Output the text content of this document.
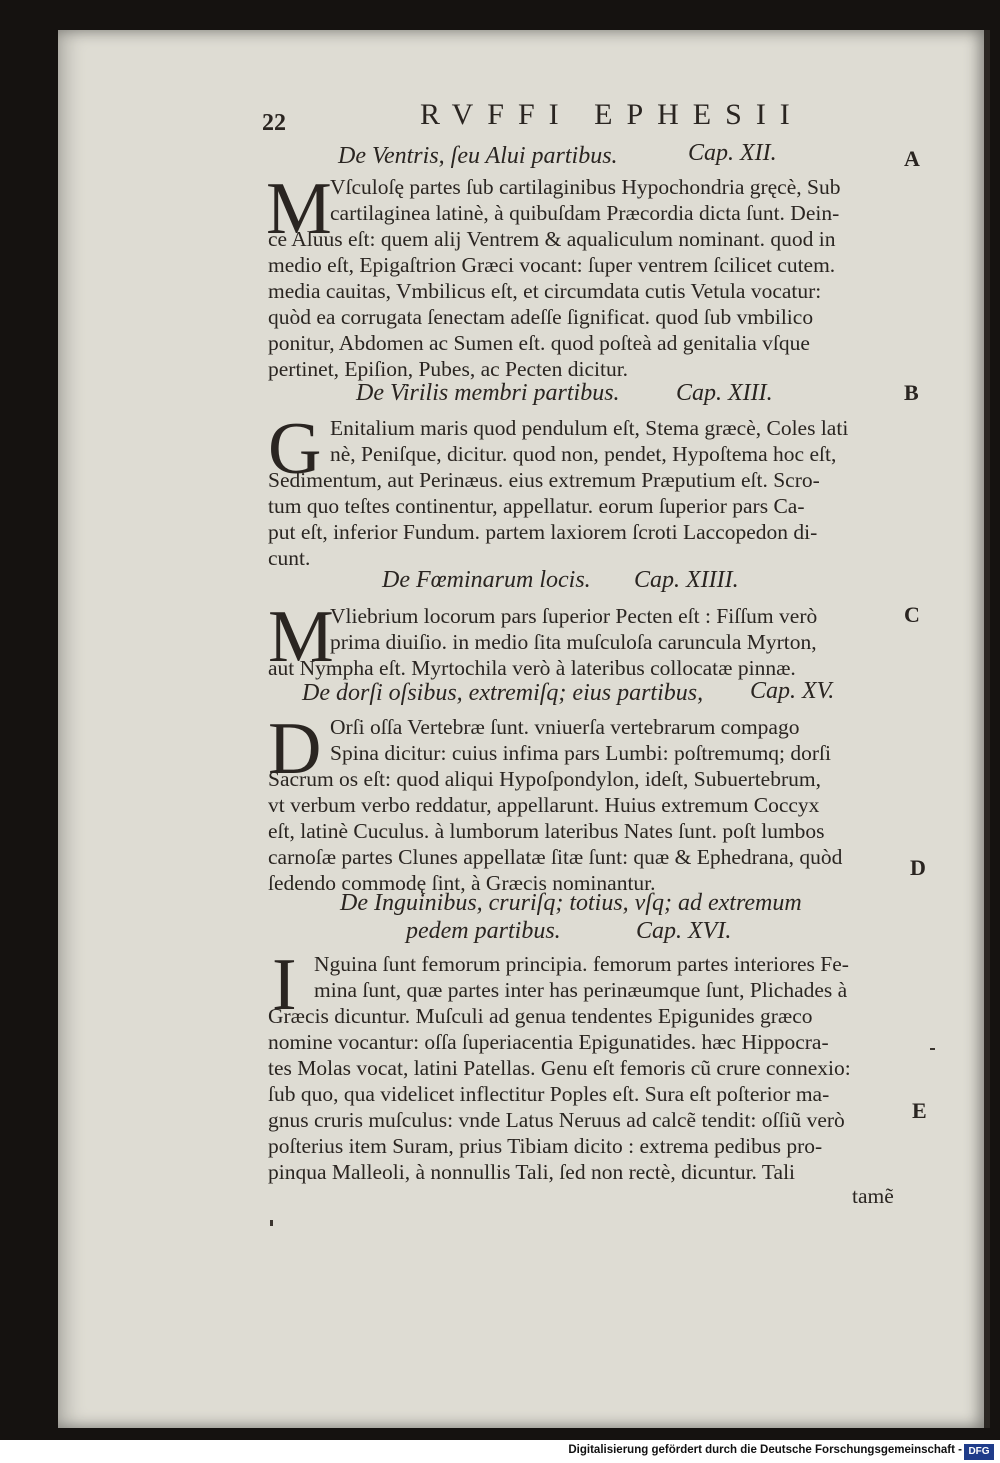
22	RVFFI EPHESII
A
B
C
D
E
De Ventris, ſeu Alui partibus.	Cap. XII.
M
Vſculoſę partes ſub cartilaginibus Hypochondria gręcè, Sub
cartilaginea latinè, à quibuſdam Præcordia dicta ſunt. Dein-
ce Aluus eſt: quem alij Ventrem & aqualiculum nominant. quod in
medio eſt, Epigaſtrion Græci vocant: ſuper ventrem ſcilicet cutem.
media cauitas, Vmbilicus eſt, et circumdata cutis Vetula vocatur:
quòd ea corrugata ſenectam adeſſe ſignificat. quod ſub vmbilico
ponitur, Abdomen ac Sumen eſt. quod poſteà ad genitalia vſque
pertinet, Epiſion, Pubes, ac Pecten dicitur.
De Virilis membri partibus. Cap. XIII.
G Enitalium maris quod pendulum eſt, Stema græcè, Coles lati
nè, Peniſque, dicitur. quod non, pendet, Hypoſtema hoc eſt,
Sedimentum, aut Perinæus. eius extremum Præputium eſt. Scro-
tum quo teſtes continentur, appellatur. eorum ſuperior pars Ca-
put eſt, inferior Fundum. partem laxiorem ſcroti Laccopedon di-
cunt.
De Fœminarum locis. Cap. XIIII.
M
Vliebrium locorum pars ſuperior Pecten eſt : Fiſſum verò
prima diuiſio. in medio ſita muſculoſa caruncula Myrton,
aut Nympha eſt. Myrtochila verò à lateribus collocatæ pinnæ.
De dorſi oſsibus, extremiſq; eius partibus, Cap. XV.
D Orſi oſſa Vertebræ ſunt. vniuerſa vertebrarum compago
Spina dicitur: cuius infima pars Lumbi: poſtremumq; dorſi
Sacrum os eſt: quod aliqui Hypoſpondylon, ideſt, Subuertebrum,
vt verbum verbo reddatur, appellarunt. Huius extremum Coccyx
eſt, latinè Cuculus. à lumborum lateribus Nates ſunt. poſt lumbos
carnoſæ partes Clunes appellatæ ſitæ ſunt: quæ & Ephedrana, quòd
ſedendo commodę ſint, à Græcis nominantur.
De Inguinibus, cruriſq; totius, vſq; ad extremum
pedem partibus.	Cap. XVI.
I Nguina ſunt femorum principia. femorum partes interiores Fe-
mina ſunt, quæ partes inter has perinæumque ſunt, Plichades à
Græcis dicuntur. Muſculi ad genua tendentes Epigunides græco
nomine vocantur: oſſa ſuperiacentia Epigunatides. hæc Hippocra-
tes Molas vocat, latini Patellas. Genu eſt femoris cũ crure connexio:
ſub quo, qua videlicet inflectitur Poples eſt. Sura eſt poſterior ma-
gnus cruris muſculus: vnde Latus Neruus ad calcẽ tendit: oſſiũ verò
poſterius item Suram, prius Tibiam dicito : extrema pedibus pro-
pinqua Malleoli, à nonnullis Tali, ſed non rectè, dicuntur. Tali
tamẽ
Digitalisierung gefördert durch die Deutsche Forschungsgemeinschaft - DFG
